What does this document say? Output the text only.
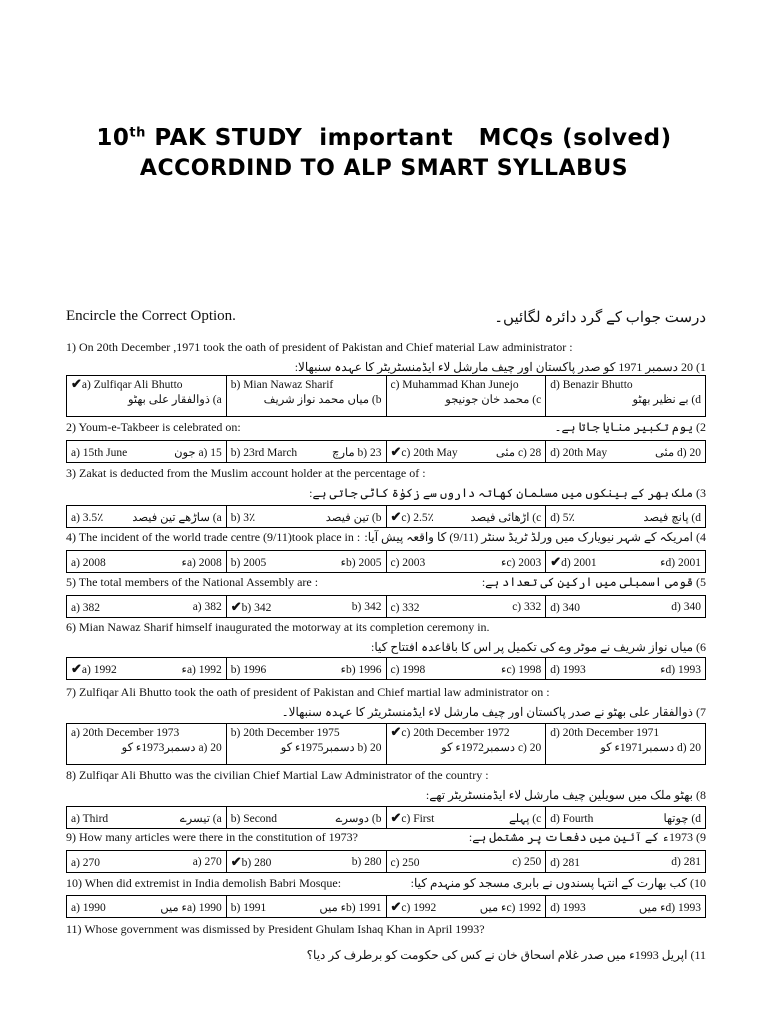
10th PAK STUDY  important   MCQs (solved)
ACCORDIND TO ALP SMART SYLLABUS
Encircle the Correct Option.	درست جواب کے گرد دائرہ لگائیں۔
1) On 20th December ,1971 took the oath of president of Pakistan and Chief material Law administrator :
1) 20 دسمبر 1971 کو صدر پاکستان اور چیف مارشل لاء ایڈمنسٹریٹر کا عہدہ سنبھالا:
✔a) Zulfiqar Ali Bhutto
a) ذوالفقار علی بھٹو

b) Mian Nawaz Sharif
b) میاں محمد نواز شریف

c) Muhammad Khan Junejo
c) محمد خان جونیجو

d) Benazir Bhutto
d) بے نظیر بھٹو
2) Youm-e-Takbeer is celebrated on:	2) یوم تکبیر منایا جاتا ہے۔
a) 15th June	a) 15 جون	b) 23rd March	b) 23 مارچ	✔c) 20th May	c) 28 مئی	d) 20th May	d) 20 مئی
3) Zakat is deducted from the Muslim account holder at the percentage of :
3) ملک بھر کے بینکوں میں مسلمان کھاتہ داروں سے زکوٰۃ کاٹی جاتی ہے:
a) 3.5٪	a) ساڑھے تین فیصد	b) 3٪	b) تین فیصد	✔c) 2.5٪	c) اڑھائی فیصد	d) 5٪	d) پانچ فیصد
4) The incident of the world trade centre (9/11)took place in : 4) امریکہ کے شہر نیویارک میں ورلڈ ٹریڈ سنٹر (9/11) کا واقعہ پیش آیا:
a) 2008	a) 2008ء	b) 2005	b) 2005ء	c) 2003	c) 2003ء	✔d) 2001	d) 2001ء
5) The total members of the National Assembly are :	5) قومی اسمبلی میں ارکین کی تعداد ہے:
a) 382	a) 382	✔b) 342	b) 342	c) 332	c) 332	d) 340	d) 340
6) Mian Nawaz Sharif himself inaugurated the motorway at its completion ceremony in.
6) میاں نواز شریف نے موٹر وے کی تکمیل پر اس کا باقاعدہ افتتاح کیا:
✔a) 1992	a) 1992ء	b) 1996	b) 1996ء	c) 1998	c) 1998ء	d) 1993	d) 1993ء
7) Zulfiqar Ali Bhutto took the oath of president of Pakistan and Chief martial law administrator on :
7) ذوالفقار علی بھٹو نے صدر پاکستان اور چیف مارشل لاء ایڈمنسٹریٹر کا عہدہ سنبھالا۔
a) 20th December 1973
a) 20 دسمبر1973ء کو

b) 20th December 1975
b) 20 دسمبر1975ء کو

✔c) 20th December 1972
c) 20 دسمبر1972ء کو

d) 20th December 1971
d) 20 دسمبر1971ء کو
8) Zulfiqar Ali Bhutto was the civilian Chief Martial Law Administrator of the country :
8) بھٹو ملک میں سویلین چیف مارشل لاء ایڈمنسٹریٹر تھے:
a) Third	a) تیسرے	b) Second	b) دوسرے	✔c) First	c) پہلے	d) Fourth	d) چوتھا
9) How many articles were there in the constitution of 1973?	9) 1973ء کے آئین میں دفعات پر مشتمل ہے:
a) 270	a) 270	✔b) 280	b) 280	c) 250	c) 250	d) 281	d) 281
10) When did extremist in India demolish Babri Mosque:	10) کب بھارت کے انتہا پسندوں نے بابری مسجد کو منہدم کیا:
a) 1990	a) 1990ء میں	b) 1991	b) 1991ء میں	✔c) 1992	c) 1992ء میں	d) 1993	d) 1993ء میں
11) Whose government was dismissed by President Ghulam Ishaq Khan in April 1993?
11) اپریل 1993ء میں صدر غلام اسحاق خان نے کس کی حکومت کو برطرف کر دیا؟
